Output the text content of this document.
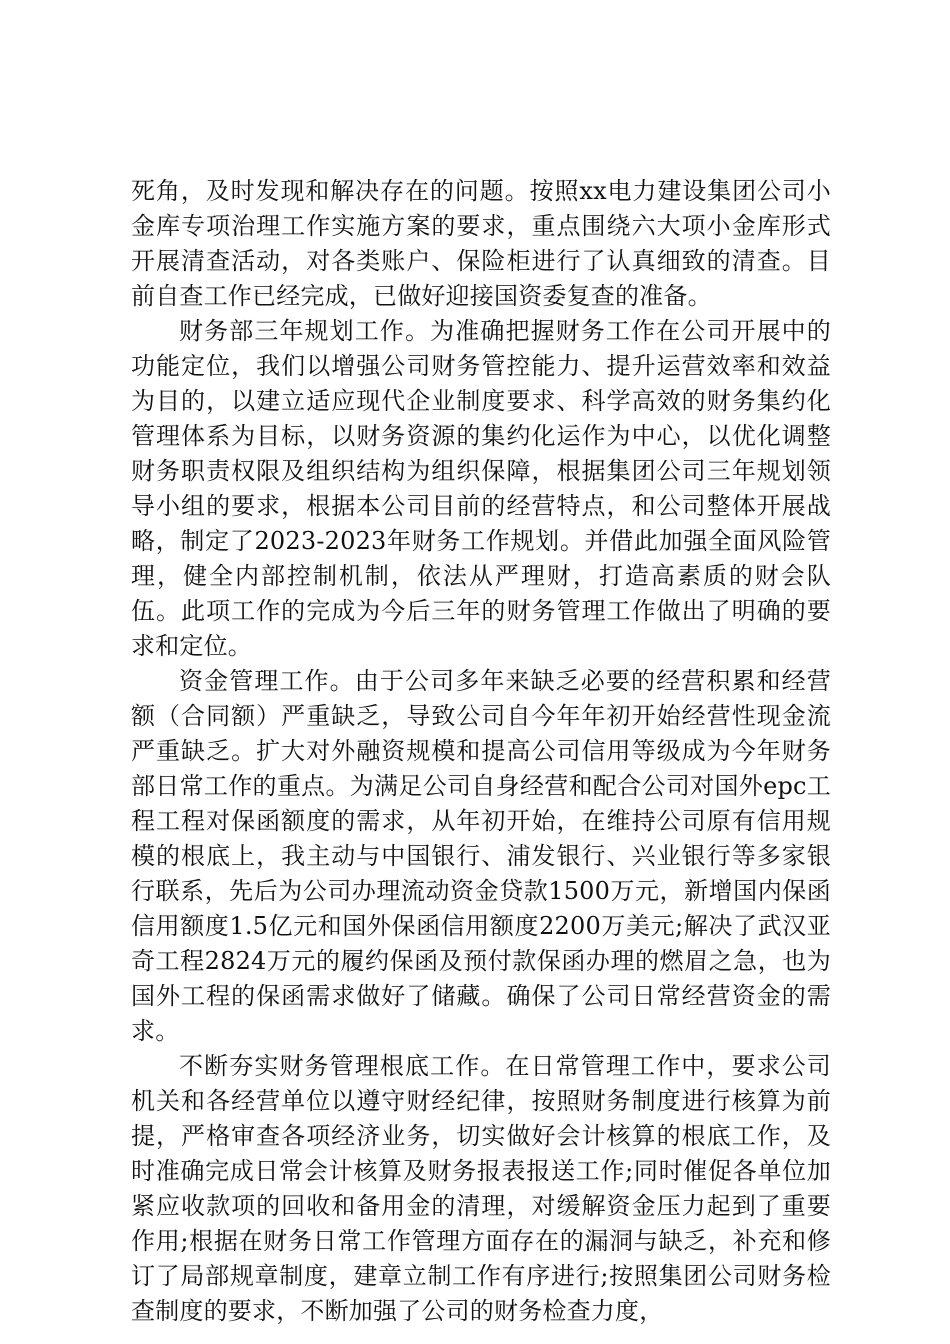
死角，及时发现和解决存在的问题。按照xx电力建设集团公司小金库专项治理工作实施方案的要求，重点围绕六大项小金库形式开展清查活动，对各类账户、保险柜进行了认真细致的清查。目前自查工作已经完成，已做好迎接国资委复查的准备。

财务部三年规划工作。为准确把握财务工作在公司开展中的功能定位，我们以增强公司财务管控能力、提升运营效率和效益为目的，以建立适应现代企业制度要求、科学高效的财务集约化管理体系为目标，以财务资源的集约化运作为中心，以优化调整财务职责权限及组织结构为组织保障，根据集团公司三年规划领导小组的要求，根据本公司目前的经营特点，和公司整体开展战略，制定了2023-2023年财务工作规划。并借此加强全面风险管理，健全内部控制机制，依法从严理财，打造高素质的财会队伍。此项工作的完成为今后三年的财务管理工作做出了明确的要求和定位。

资金管理工作。由于公司多年来缺乏必要的经营积累和经营额（合同额）严重缺乏，导致公司自今年年初开始经营性现金流严重缺乏。扩大对外融资规模和提高公司信用等级成为今年财务部日常工作的重点。为满足公司自身经营和配合公司对国外epc工程工程对保函额度的需求，从年初开始，在维持公司原有信用规模的根底上，我主动与中国银行、浦发银行、兴业银行等多家银行联系，先后为公司办理流动资金贷款1500万元，新增国内保函信用额度1.5亿元和国外保函信用额度2200万美元;解决了武汉亚奇工程2824万元的履约保函及预付款保函办理的燃眉之急，也为国外工程的保函需求做好了储藏。确保了公司日常经营资金的需求。

不断夯实财务管理根底工作。在日常管理工作中，要求公司机关和各经营单位以遵守财经纪律，按照财务制度进行核算为前提，严格审查各项经济业务，切实做好会计核算的根底工作，及时准确完成日常会计核算及财务报表报送工作;同时催促各单位加紧应收款项的回收和备用金的清理，对缓解资金压力起到了重要作用;根据在财务日常工作管理方面存在的漏洞与缺乏，补充和修订了局部规章制度，建章立制工作有序进行;按照集团公司财务检查制度的要求，不断加强了公司的财务检查力度，
